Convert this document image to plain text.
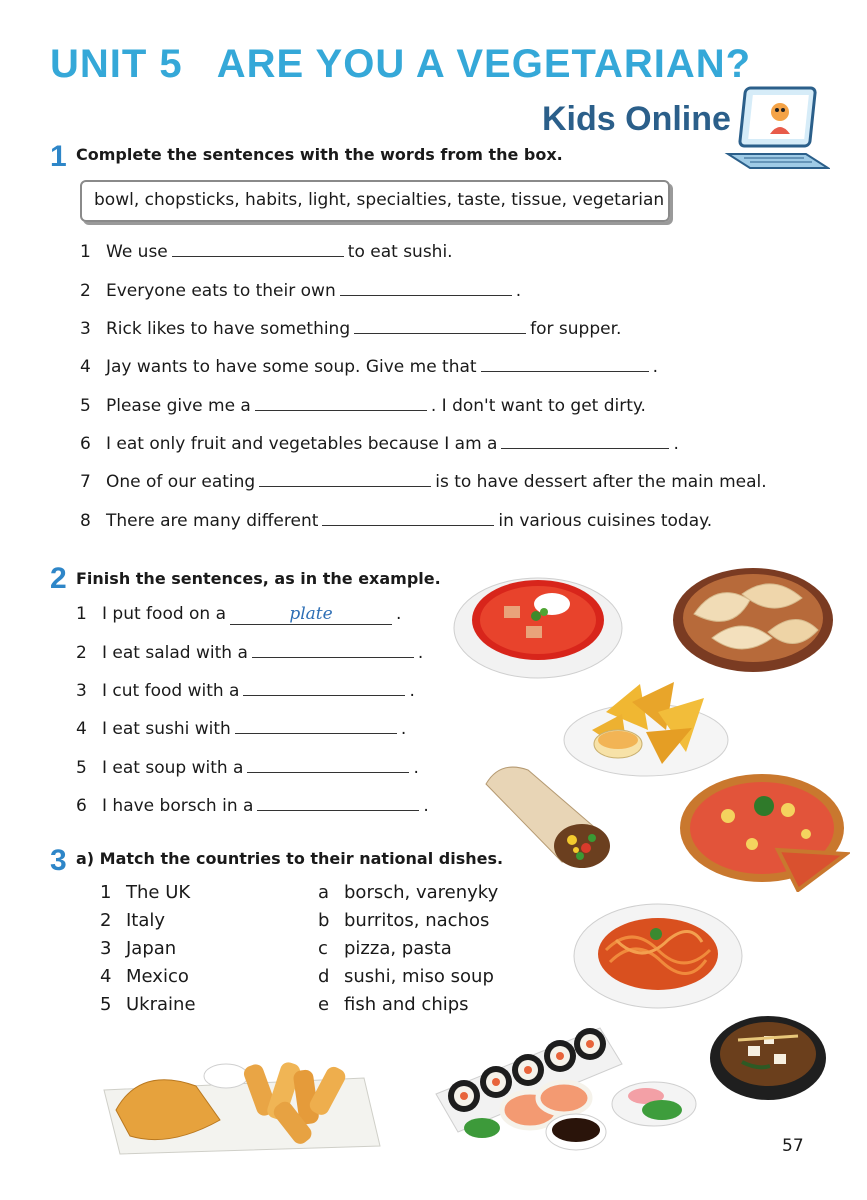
UNIT 5 ARE YOU A VEGETARIAN?
Kids Online
1 Complete the sentences with the words from the box.
bowl, chopsticks, habits, light, specialties, taste, tissue, vegetarian
1 We use	to eat sushi.
2 Everyone eats to their own	.
3 Rick likes to have something	for supper.
4 Jay wants to have some soup. Give me that	.
5 Please give me a	. I don't want to get dirty.
6 I eat only fruit and vegetables because I am a	.
7 One of our eating	is to have dessert after the main meal.
8 There are many different	in various cuisines today.
2 Finish the sentences, as in the example.
1 I put food on a	plate	.
2 I eat salad with a	.
3 I cut food with a	.
4 I eat sushi with	.
5 I eat soup with a	.
6 I have borsch in a	.
3 a) Match the countries to their national dishes.
1 The UK
2 Italy
3 Japan
4 Mexico
5 Ukraine
a borsch, varenyky
b burritos, nachos
c pizza, pasta
d sushi, miso soup
e fish and chips
57
